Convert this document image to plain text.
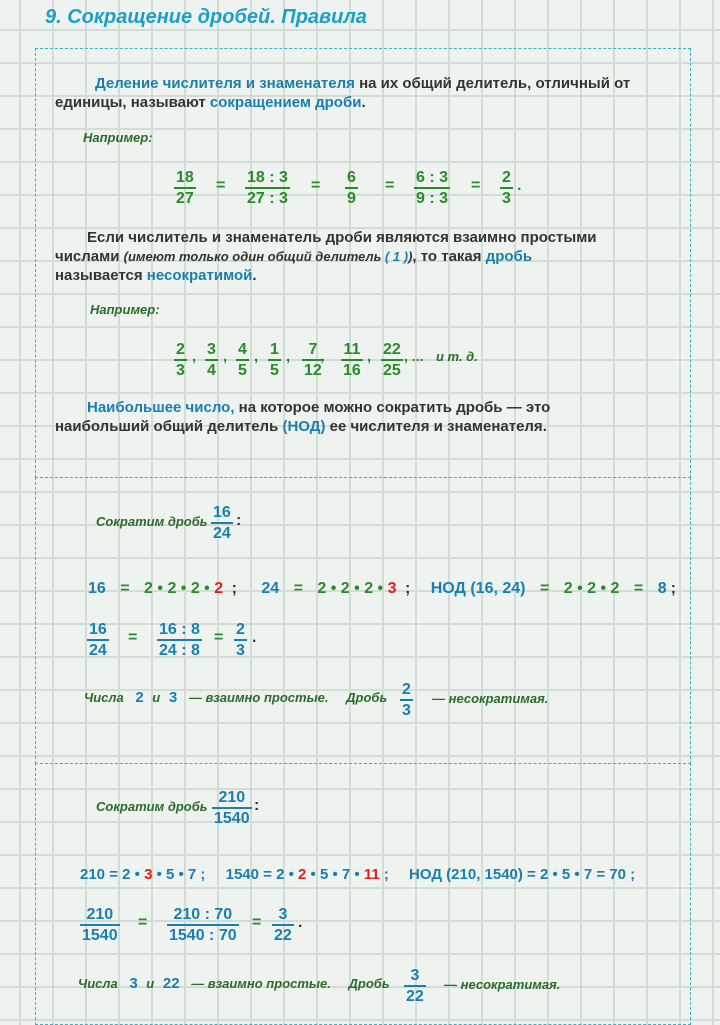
9. Сокращение дробей. Правила
Деление числителя и знаменателя на их общий делитель, отличный от
единицы, называют сокращением дроби.
Например:
$\frac{18}{27} = \frac{18 : 3}{27 : 3} = \frac{6}{9} = \frac{6 : 3}{9 : 3} = \frac{2}{3}$ .
Если числитель и знаменатель дроби являются взаимно простыми
числами (имеют только один общий делитель ( 1 )), то такая дробь
называется несократимой.
Например:
$\frac{2}{3}$ , $\frac{3}{4}$ , $\frac{4}{5}$ , $\frac{1}{5}$ , $\frac{7}{12}$
, $\frac{11}{16}$ , $\frac{22}{25}$ , ... и т. д.
Наибольшее число, на которое можно сократить дробь — это
наибольший общий делитель (НОД) ее числителя и знаменателя.
Сократим дробь $\frac{16}{24}$ :
16 = 2 • 2 • 2 • 2 ; 24 = 2 • 2 • 2 • 3 ; НОД (16, 24) = 2 • 2 • 2 = 8 ;
$\frac{16}{24} = \frac{16 : 8}{24 : 8} = \frac{2}{3}$ .
Числа 2 и 3 — взаимно простые. Дробь $\frac{2}{3}$ — несократимая.
Сократим дробь $\frac{210}{1540}$ :
210 = 2 • 3 • 5 • 7 ; 1540 = 2 • 2 • 5 • 7 • 11 ; НОД (210, 1540) = 2 • 5 • 7 = 70 ;
$\frac{210}{1540} = \frac{210 : 70}{1540 : 70} = \frac{3}{22}$ .
Числа 3 и 22 — взаимно простые. Дробь $\frac{3}{22}$ — несократимая.
